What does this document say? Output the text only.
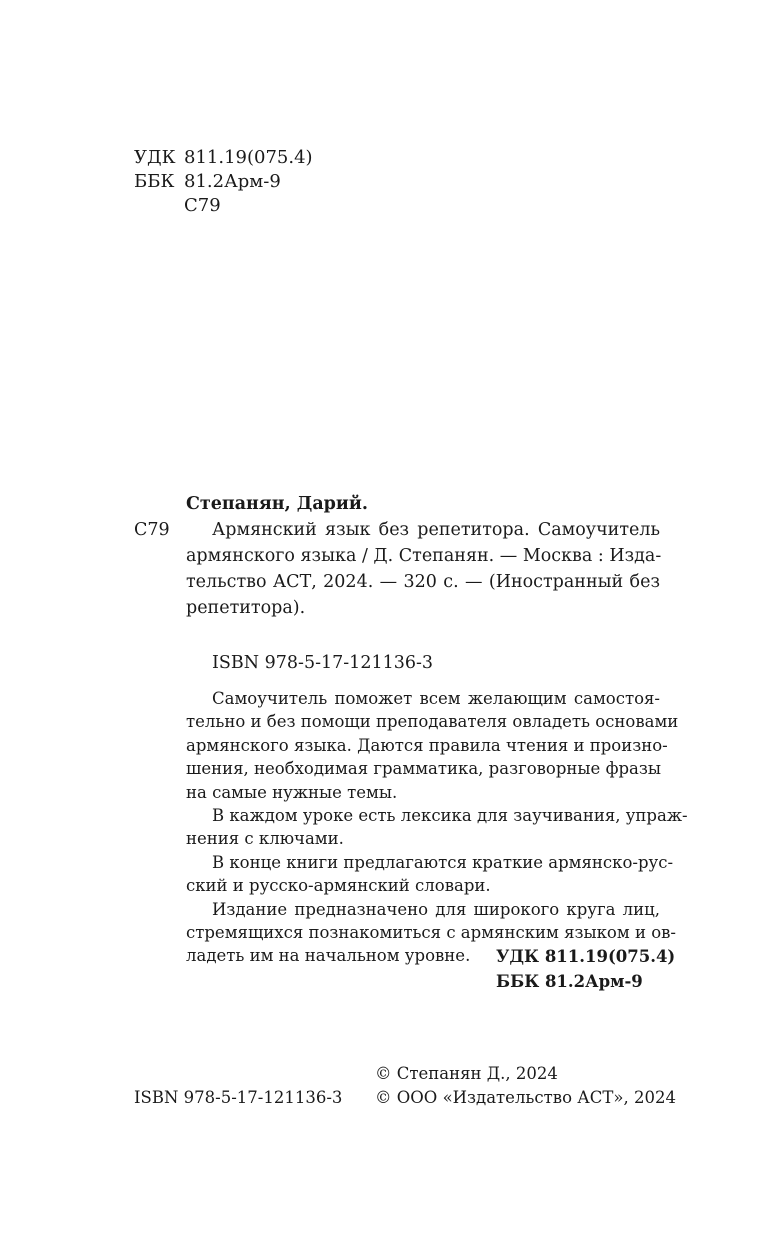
УДК 811.19(075.4)
ББК 81.2Арм-9
С79
Степанян, Дарий.
С79 Армянский язык без репетитора. Самоучитель
армянского языка / Д. Степанян. — Москва : Изда-
тельство АСТ, 2024. — 320 с. — (Иностранный без
репетитора).
ISBN 978-5-17-121136-3
Самоучитель поможет всем желающим самостоя-
тельно и без помощи преподавателя овладеть основами
армянского языка. Даются правила чтения и произно-
шения, необходимая грамматика, разговорные фразы
на самые нужные темы.
В каждом уроке есть лексика для заучивания, упраж-
нения с ключами.
В конце книги предлагаются краткие армянско-рус-
ский и русско-армянский словари.
Издание предназначено для широкого круга лиц,
стремящихся познакомиться с армянским языком и ов-
ладеть им на начальном уровне. УДК 811.19(075.4)
ББК 81.2Арм-9
© Степанян Д., 2024
ISBN 978-5-17-121136-3 © ООО «Издательство АСТ», 2024
